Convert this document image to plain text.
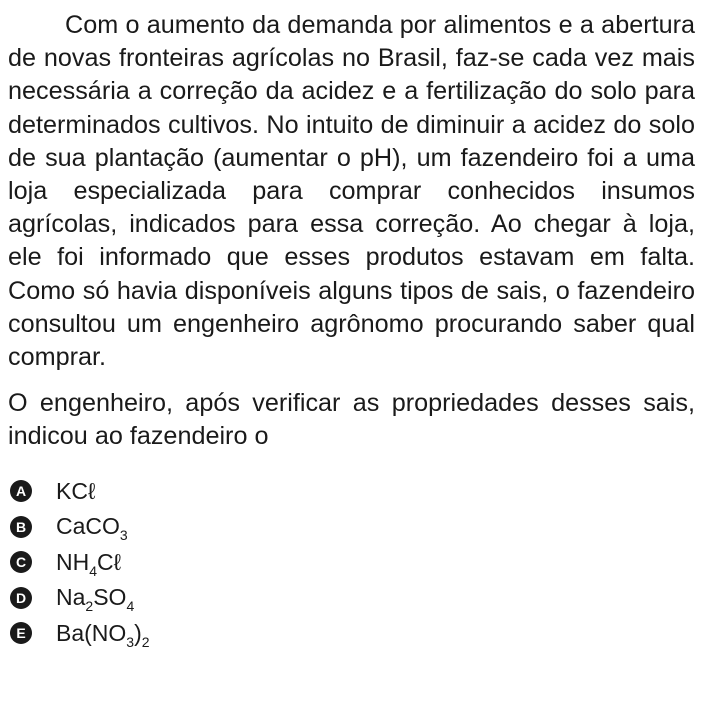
Com o aumento da demanda por alimentos e a abertura de novas fronteiras agrícolas no Brasil, faz-se cada vez mais necessária a correção da acidez e a fertilização do solo para determinados cultivos. No intuito de diminuir a acidez do solo de sua plantação (aumentar o pH), um fazendeiro foi a uma loja especializada para comprar conhecidos insumos agrícolas, indicados para essa correção. Ao chegar à loja, ele foi informado que esses produtos estavam em falta. Como só havia disponíveis alguns tipos de sais, o fazendeiro consultou um engenheiro agrônomo procurando saber qual comprar.

O engenheiro, após verificar as propriedades desses sais, indicou ao fazendeiro o

A KCℓ
B CaCO$_3$
C $NH_4C\ell$
D $Na_2SO_4$
E $Ba(NO_3)_2$
